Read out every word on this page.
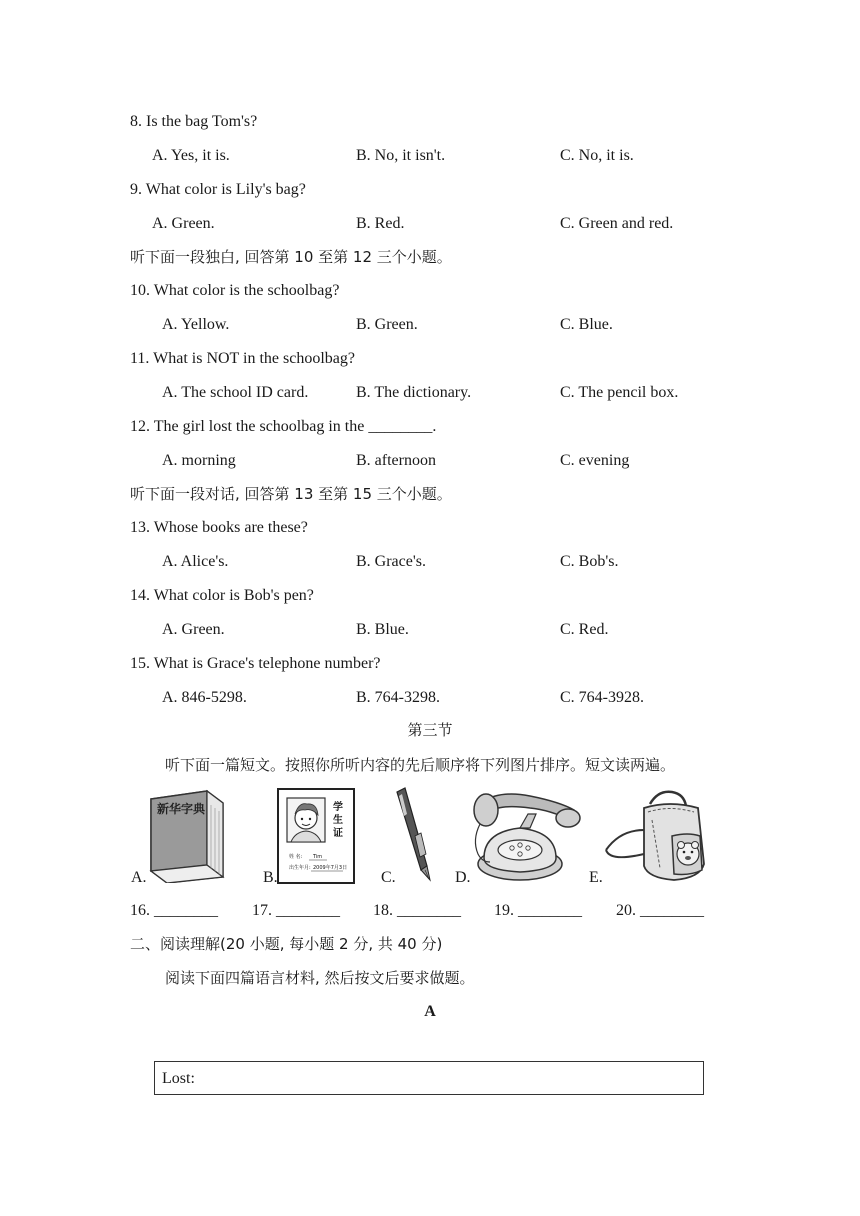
8. Is the bag Tom's?
A. Yes, it is.	B. No, it isn't.	C. No, it is.
9. What color is Lily's bag?
A. Green.	B. Red.	C. Green and red.
听下面一段独白, 回答第 10 至第 12 三个小题。
10. What color is the schoolbag?
A. Yellow.	B. Green.	C. Blue.
11. What is NOT in the schoolbag?
A. The school ID card.	B. The dictionary.	C. The pencil box.
12. The girl lost the schoolbag in the ________.
A. morning	B. afternoon	C. evening
听下面一段对话, 回答第 13 至第 15 三个小题。
13. Whose books are these?
A. Alice's.	B. Grace's.	C. Bob's.
14. What color is Bob's pen?
A. Green.	B. Blue.	C. Red.
15. What is Grace's telephone number?
A. 846-5298.	B. 764-3298.	C. 764-3928.
第三节
听下面一篇短文。按照你所听内容的先后顺序将下列图片排序。短文读两遍。
A.
新华字典
B.
学
生
证
姓 名: Tim
出生年月: 2009年7月3日
C.	D.	E.
16. ________ 17. ________ 18. ________ 19. ________ 20. ________
二、阅读理解(20 小题, 每小题 2 分, 共 40 分)
阅读下面四篇语言材料, 然后按文后要求做题。
A
Lost:
